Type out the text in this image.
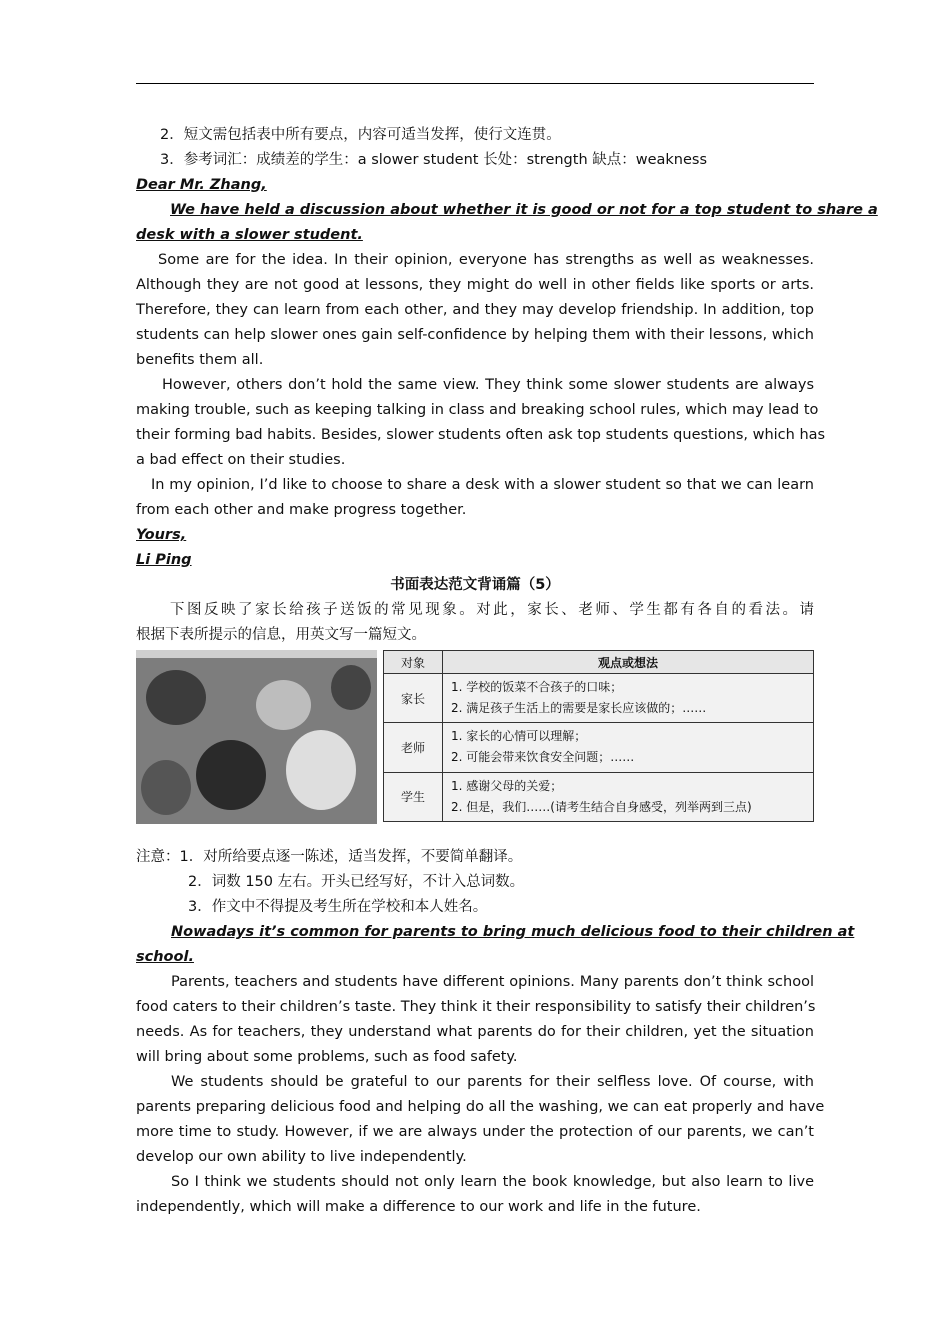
2．短文需包括表中所有要点，内容可适当发挥，使行文连贯。
3．参考词汇：成绩差的学生：a slower student 长处：strength 缺点：weakness
Dear Mr. Zhang,
We have held a discussion about whether it is good or not for a top student to share a
desk with a slower student.
Some are for the idea. In their opinion, everyone has strengths as well as weaknesses.
Although they are not good at lessons, they might do well in other fields like sports or arts.
Therefore, they can learn from each other, and they may develop friendship. In addition, top
students can help slower ones gain self-confidence by helping them with their lessons, which
benefits them all.
However, others don’t hold the same view. They think some slower students are always
making trouble, such as keeping talking in class and breaking school rules, which may lead to
their forming bad habits. Besides, slower students often ask top students questions, which has
a bad effect on their studies.
In my opinion, I’d like to choose to share a desk with a slower student so that we can learn
from each other and make progress together.
Yours,
Li Ping
书面表达范文背诵篇（5）
下图反映了家长给孩子送饭的常见现象。对此，家长、老师、学生都有各自的看法。请
根据下表所提示的信息，用英文写一篇短文。
对象	观点或想法
家长	1. 学校的饭菜不合孩子的口味；
2. 满足孩子生活上的需要是家长应该做的；……

老师	1. 家长的心情可以理解；
2. 可能会带来饮食安全问题；……

学生	1. 感谢父母的关爱；
2. 但是，我们……(请考生结合自身感受，列举两到三点)
注意：1．对所给要点逐一陈述，适当发挥，不要简单翻译。
2．词数 150 左右。开头已经写好，不计入总词数。
3．作文中不得提及考生所在学校和本人姓名。
Nowadays it’s common for parents to bring much delicious food to their children at
school.
Parents, teachers and students have different opinions. Many parents don’t think school
food caters to their children’s taste. They think it their responsibility to satisfy their children’s
needs. As for teachers, they understand what parents do for their children, yet the situation
will bring about some problems, such as food safety.
We students should be grateful to our parents for their selfless love. Of course, with
parents preparing delicious food and helping do all the washing, we can eat properly and have
more time to study. However, if we are always under the protection of our parents, we can’t
develop our own ability to live independently.
So I think we students should not only learn the book knowledge, but also learn to live
independently, which will make a difference to our work and life in the future.
